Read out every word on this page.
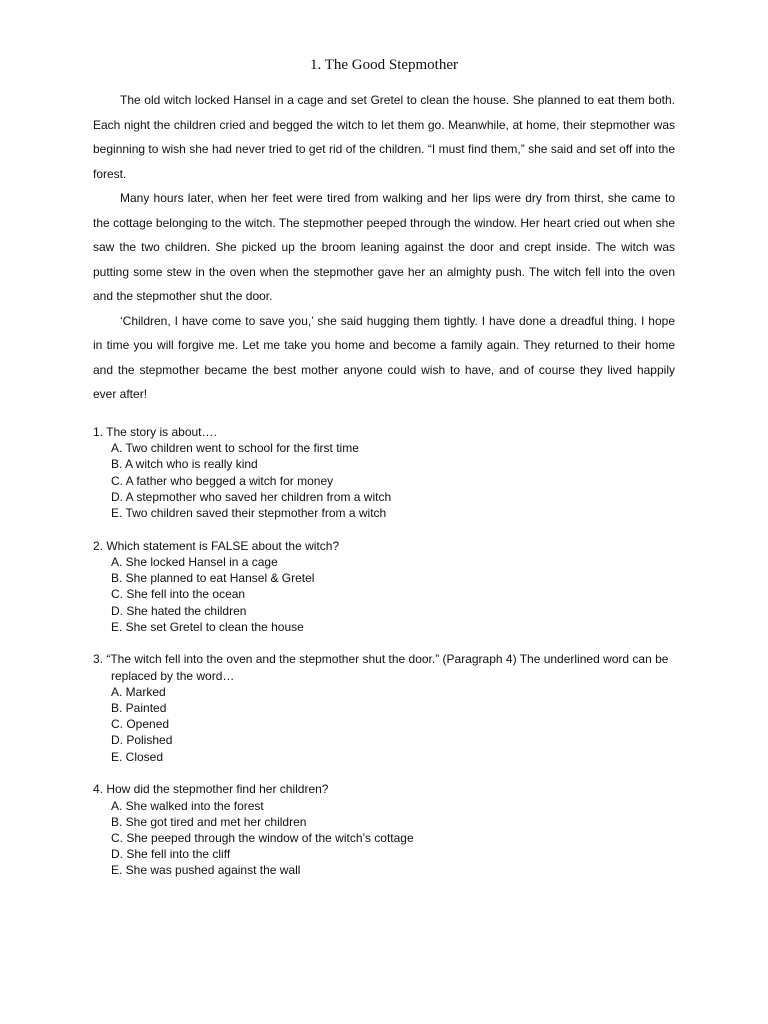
1. The Good Stepmother

The old witch locked Hansel in a cage and set Gretel to clean the house. She planned to eat them both. Each night the children cried and begged the witch to let them go. Meanwhile, at home, their stepmother was beginning to wish she had never tried to get rid of the children. “I must find them,” she said and set off into the forest.

Many hours later, when her feet were tired from walking and her lips were dry from thirst, she came to the cottage belonging to the witch. The stepmother peeped through the window. Her heart cried out when she saw the two children. She picked up the broom leaning against the door and crept inside. The witch was putting some stew in the oven when the stepmother gave her an almighty push. The witch fell into the oven and the stepmother shut the door.

‘Children, I have come to save you,’ she said hugging them tightly. I have done a dreadful thing. I hope in time you will forgive me. Let me take you home and become a family again. They returned to their home and the stepmother became the best mother anyone could wish to have, and of course they lived happily ever after!

1. The story is about….
A. Two children went to school for the first time
B. A witch who is really kind
C. A father who begged a witch for money
D. A stepmother who saved her children from a witch
E. Two children saved their stepmother from a witch
2. Which statement is FALSE about the witch?
A. She locked Hansel in a cage
B. She planned to eat Hansel & Gretel
C. She fell into the ocean
D. She hated the children
E. She set Gretel to clean the house
3. “The witch fell into the oven and the stepmother shut the door.” (Paragraph 4) The underlined word can be replaced by the word…
A. Marked
B. Painted
C. Opened
D. Polished
E. Closed
4. How did the stepmother find her children?
A. She walked into the forest
B. She got tired and met her children
C. She peeped through the window of the witch’s cottage
D. She fell into the cliff
E. She was pushed against the wall
